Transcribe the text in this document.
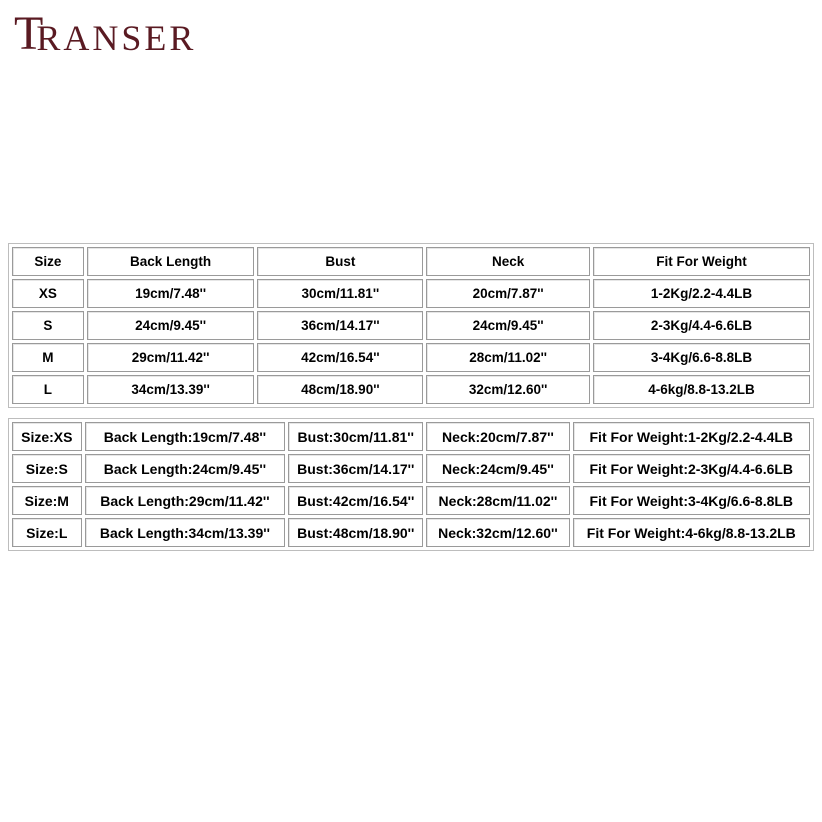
T
RANSER
Size	Back Length	Bust	Neck	Fit For Weight
XS	19cm/7.48''	30cm/11.81''	20cm/7.87''	1-2Kg/2.2-4.4LB
S	24cm/9.45''	36cm/14.17''	24cm/9.45''	2-3Kg/4.4-6.6LB
M	29cm/11.42''	42cm/16.54''	28cm/11.02''	3-4Kg/6.6-8.8LB
L	34cm/13.39''	48cm/18.90''	32cm/12.60''	4-6kg/8.8-13.2LB
Size:XS	Back Length:19cm/7.48''	Bust:30cm/11.81''	Neck:20cm/7.87''	Fit For Weight:1-2Kg/2.2-4.4LB
Size:S	Back Length:24cm/9.45''	Bust:36cm/14.17''	Neck:24cm/9.45''	Fit For Weight:2-3Kg/4.4-6.6LB
Size:M	Back Length:29cm/11.42''	Bust:42cm/16.54''	Neck:28cm/11.02''	Fit For Weight:3-4Kg/6.6-8.8LB
Size:L	Back Length:34cm/13.39''	Bust:48cm/18.90''	Neck:32cm/12.60''	Fit For Weight:4-6kg/8.8-13.2LB
